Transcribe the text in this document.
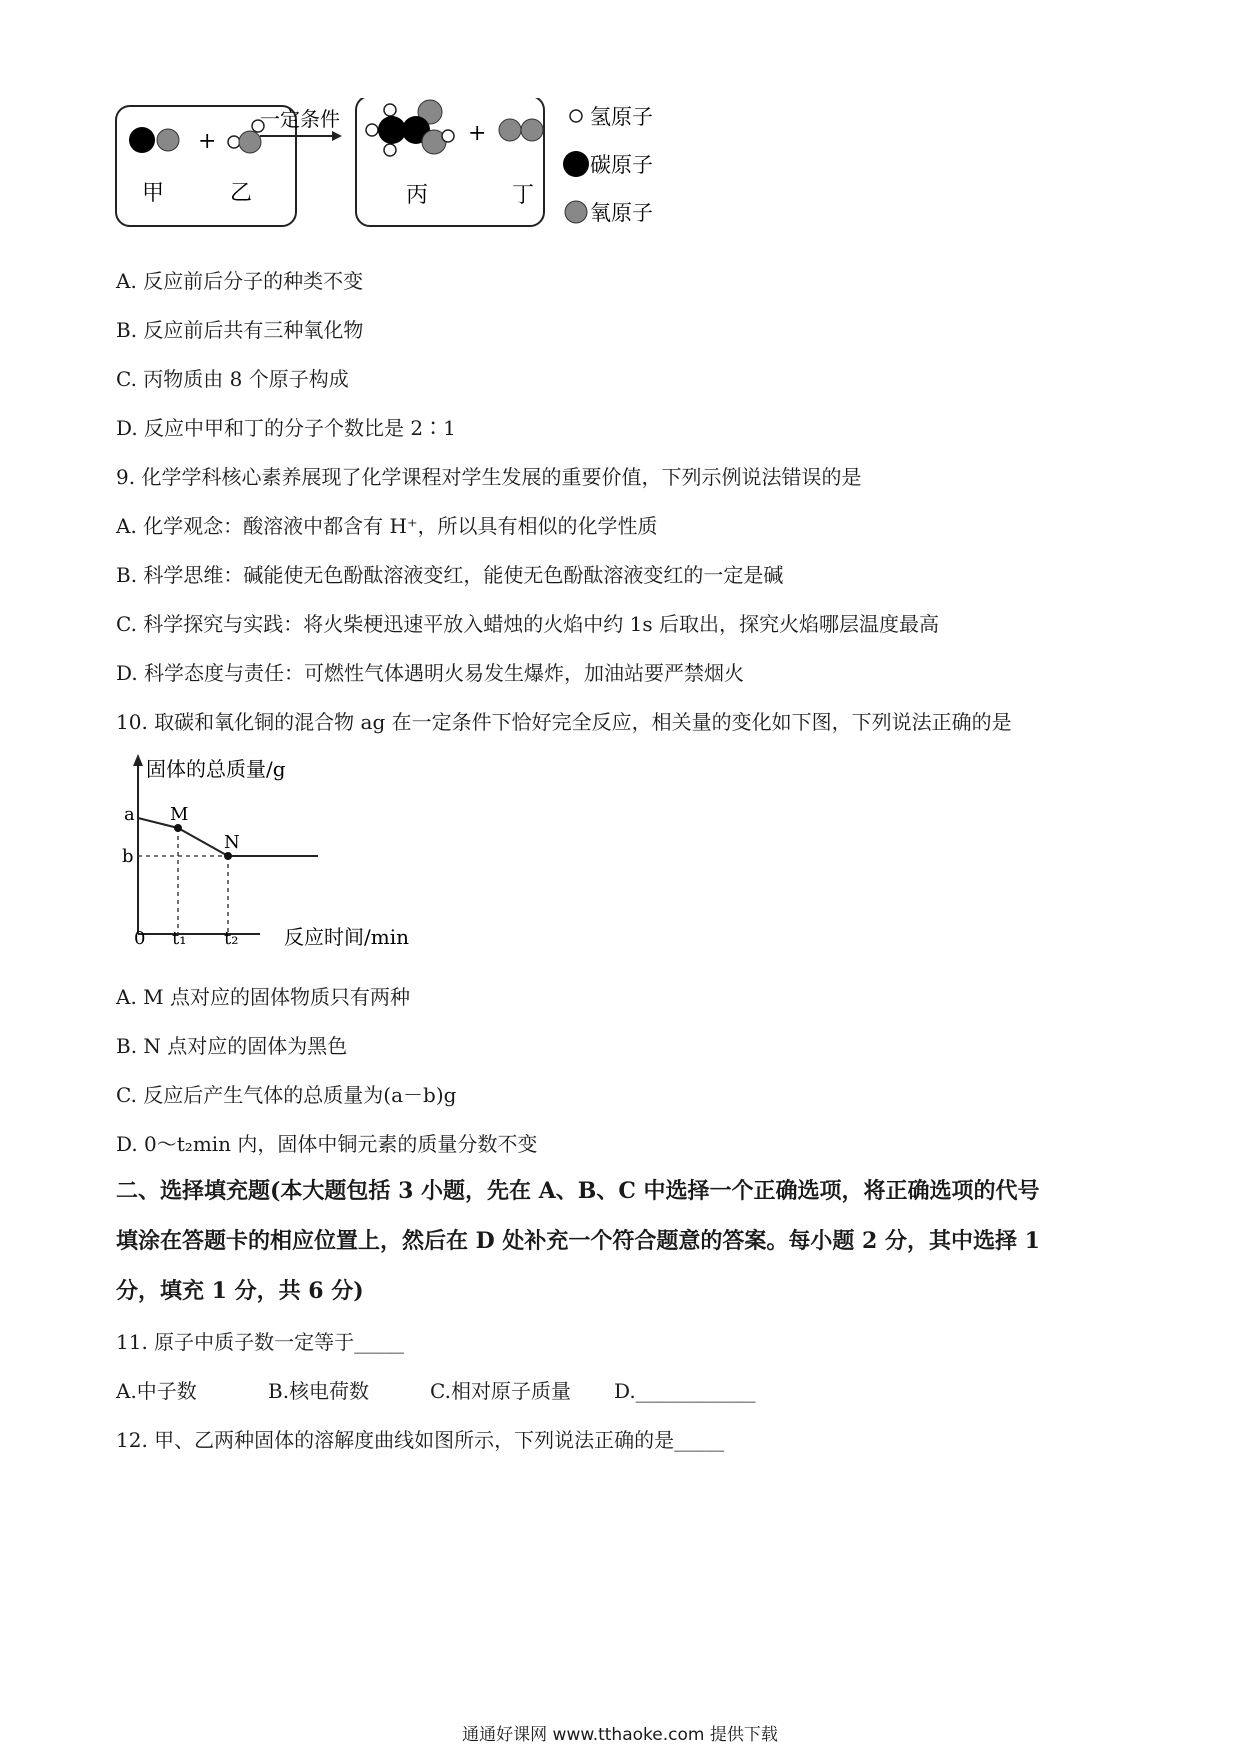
+
甲	乙
一定条件
+
丙	丁
氢原子
碳原子
氧原子
A. 反应前后分子的种类不变
B. 反应前后共有三种氧化物
C. 丙物质由 8 个原子构成
D. 反应中甲和丁的分子个数比是 2∶1
9. 化学学科核心素养展现了化学课程对学生发展的重要价值，下列示例说法错误的是
A. 化学观念：酸溶液中都含有 H⁺，所以具有相似的化学性质
B. 科学思维：碱能使无色酚酞溶液变红，能使无色酚酞溶液变红的一定是碱
C. 科学探究与实践：将火柴梗迅速平放入蜡烛的火焰中约 1s 后取出，探究火焰哪层温度最高
D. 科学态度与责任：可燃性气体遇明火易发生爆炸，加油站要严禁烟火
10. 取碳和氧化铜的混合物 ag 在一定条件下恰好完全反应，相关量的变化如下图，下列说法正确的是
固体的总质量/g
反应时间/min
a
b
0 t₁ t₂
M
N
A. M 点对应的固体物质只有两种
B. N 点对应的固体为黑色
C. 反应后产生气体的总质量为(a－b)g
D. 0～t₂min 内，固体中铜元素的质量分数不变
二、选择填充题(本大题包括 3 小题，先在 A、B、C 中选择一个正确选项，将正确选项的代号
填涂在答题卡的相应位置上，然后在 D 处补充一个符合题意的答案。每小题 2 分，其中选择 1
分，填充 1 分，共 6 分)
11. 原子中质子数一定等于_____
A.中子数	B.核电荷数	C.相对原子质量 D.____________
12. 甲、乙两种固体的溶解度曲线如图所示，下列说法正确的是_____
通通好课网 www.tthaoke.com 提供下载
